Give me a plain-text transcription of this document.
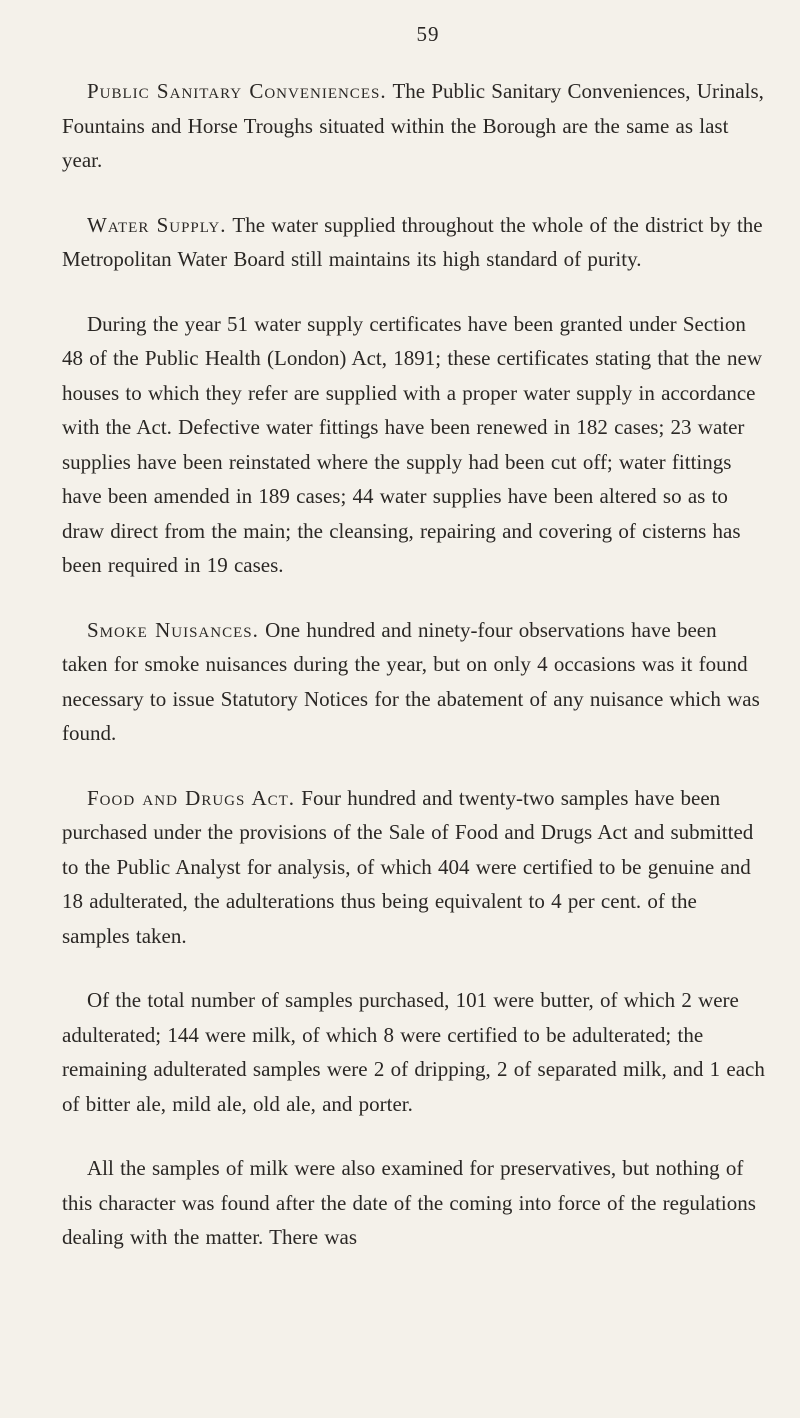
59

Public Sanitary Conveniences. The Public Sanitary Conveniences, Urinals, Fountains and Horse Troughs situated within the Borough are the same as last year.

Water Supply. The water supplied throughout the whole of the district by the Metropolitan Water Board still maintains its high standard of purity.

During the year 51 water supply certificates have been granted under Section 48 of the Public Health (London) Act, 1891; these certificates stating that the new houses to which they refer are supplied with a proper water supply in accordance with the Act. Defective water fittings have been renewed in 182 cases; 23 water supplies have been reinstated where the supply had been cut off; water fittings have been amended in 189 cases; 44 water supplies have been altered so as to draw direct from the main; the cleansing, repairing and covering of cisterns has been required in 19 cases.

Smoke Nuisances. One hundred and ninety-four observations have been taken for smoke nuisances during the year, but on only 4 occasions was it found necessary to issue Statutory Notices for the abatement of any nuisance which was found.

Food and Drugs Act. Four hundred and twenty-two samples have been purchased under the provisions of the Sale of Food and Drugs Act and submitted to the Public Analyst for analysis, of which 404 were certified to be genuine and 18 adulterated, the adulterations thus being equivalent to 4 per cent. of the samples taken.

Of the total number of samples purchased, 101 were butter, of which 2 were adulterated; 144 were milk, of which 8 were certified to be adulterated; the remaining adulterated samples were 2 of dripping, 2 of separated milk, and 1 each of bitter ale, mild ale, old ale, and porter.

All the samples of milk were also examined for preservatives, but nothing of this character was found after the date of the coming into force of the regulations dealing with the matter. There was
